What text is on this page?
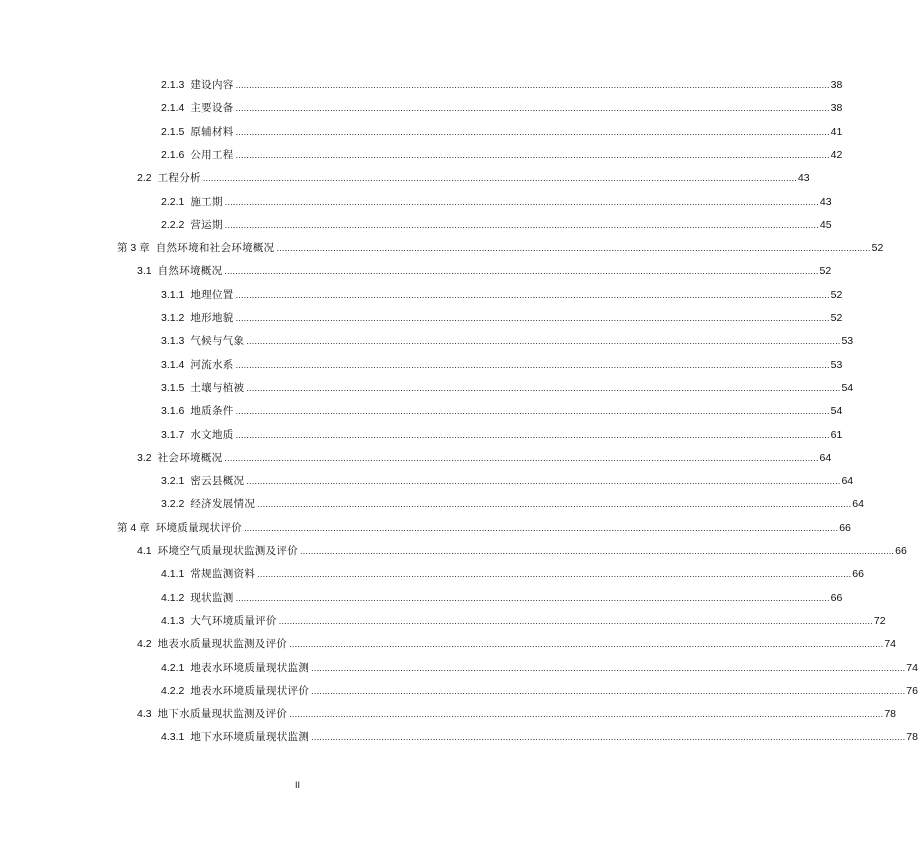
2.1.3 建设内容 ............................................................................................................................................................................................................................ 38
2.1.4 主要设备 ............................................................................................................................................................................................................................ 38
2.1.5 原辅材料 ............................................................................................................................................................................................................................ 41
2.1.6 公用工程 ............................................................................................................................................................................................................................ 42
2.2 工程分析 ............................................................................................................................................................................................................................ 43
2.2.1 施工期 ............................................................................................................................................................................................................................ 43
2.2.2 营运期 ............................................................................................................................................................................................................................ 45
第 3 章 自然环境和社会环境概况 ............................................................................................................................................................................................................................ 52
3.1 自然环境概况 ............................................................................................................................................................................................................................ 52
3.1.1 地理位置 ............................................................................................................................................................................................................................ 52
3.1.2 地形地貌 ............................................................................................................................................................................................................................ 52
3.1.3 气候与气象 ............................................................................................................................................................................................................................ 53
3.1.4 河流水系 ............................................................................................................................................................................................................................ 53
3.1.5 土壤与植被 ............................................................................................................................................................................................................................ 54
3.1.6 地质条件 ............................................................................................................................................................................................................................ 54
3.1.7 水文地质 ............................................................................................................................................................................................................................ 61
3.2 社会环境概况 ............................................................................................................................................................................................................................ 64
3.2.1 密云县概况 ............................................................................................................................................................................................................................ 64
3.2.2 经济发展情况 ............................................................................................................................................................................................................................ 64
第 4 章 环境质量现状评价 ............................................................................................................................................................................................................................ 66
4.1 环境空气质量现状监测及评价 ............................................................................................................................................................................................................................ 66
4.1.1 常规监测资料 ............................................................................................................................................................................................................................ 66
4.1.2 现状监测 ............................................................................................................................................................................................................................ 66
4.1.3 大气环境质量评价 ............................................................................................................................................................................................................................ 72
4.2 地表水质量现状监测及评价 ............................................................................................................................................................................................................................ 74
4.2.1 地表水环境质量现状监测 ............................................................................................................................................................................................................................ 74
4.2.2 地表水环境质量现状评价 ............................................................................................................................................................................................................................ 76
4.3 地下水质量现状监测及评价 ............................................................................................................................................................................................................................ 78
4.3.1 地下水环境质量现状监测 ............................................................................................................................................................................................................................ 78
II
